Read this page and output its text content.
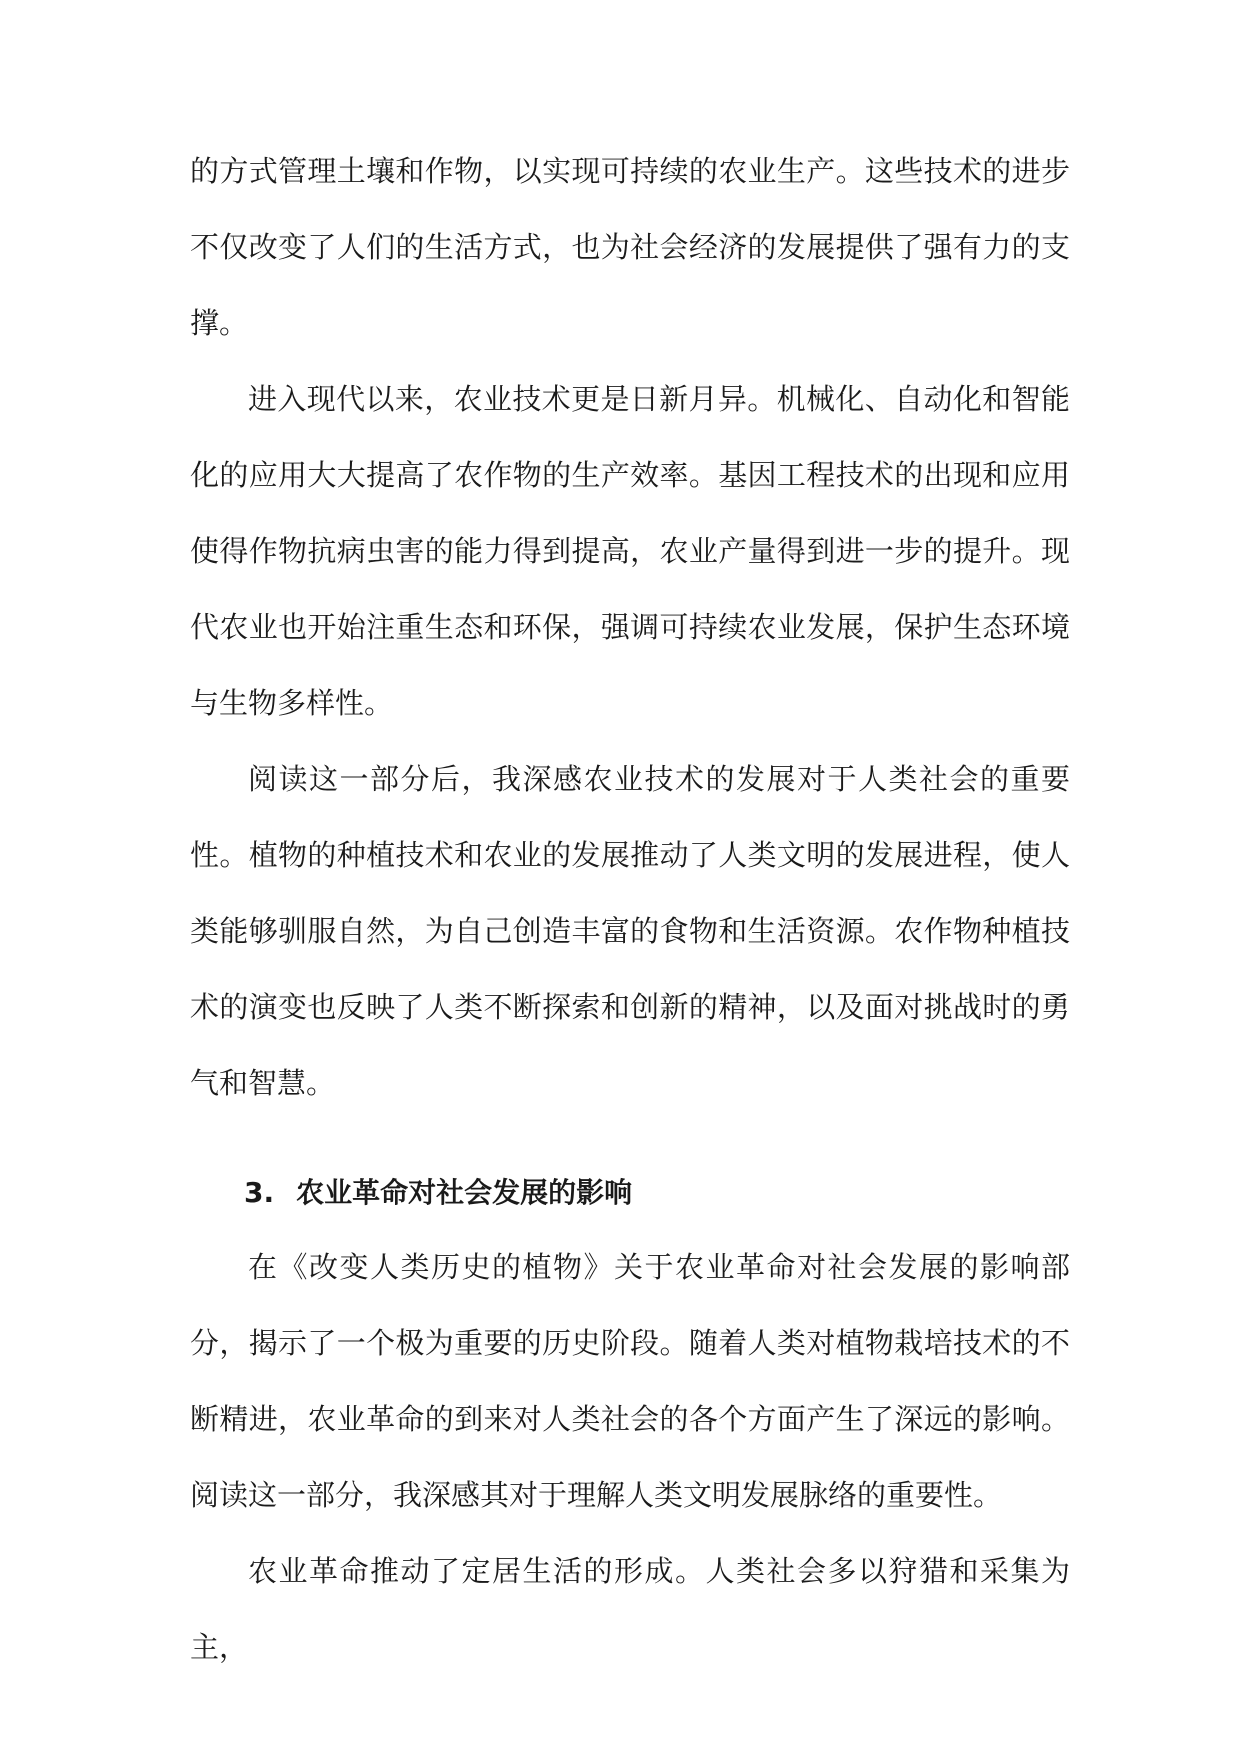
的方式管理土壤和作物，以实现可持续的农业生产。这些技术的进步不仅改变了人们的生活方式，也为社会经济的发展提供了强有力的支撑。

进入现代以来，农业技术更是日新月异。机械化、自动化和智能化的应用大大提高了农作物的生产效率。基因工程技术的出现和应用使得作物抗病虫害的能力得到提高，农业产量得到进一步的提升。现代农业也开始注重生态和环保，强调可持续农业发展，保护生态环境与生物多样性。

阅读这一部分后，我深感农业技术的发展对于人类社会的重要性。植物的种植技术和农业的发展推动了人类文明的发展进程，使人类能够驯服自然，为自己创造丰富的食物和生活资源。农作物种植技术的演变也反映了人类不断探索和创新的精神，以及面对挑战时的勇气和智慧。

3. 农业革命对社会发展的影响

在《改变人类历史的植物》关于农业革命对社会发展的影响部分，揭示了一个极为重要的历史阶段。随着人类对植物栽培技术的不断精进，农业革命的到来对人类社会的各个方面产生了深远的影响。阅读这一部分，我深感其对于理解人类文明发展脉络的重要性。

农业革命推动了定居生活的形成。人类社会多以狩猎和采集为主，
